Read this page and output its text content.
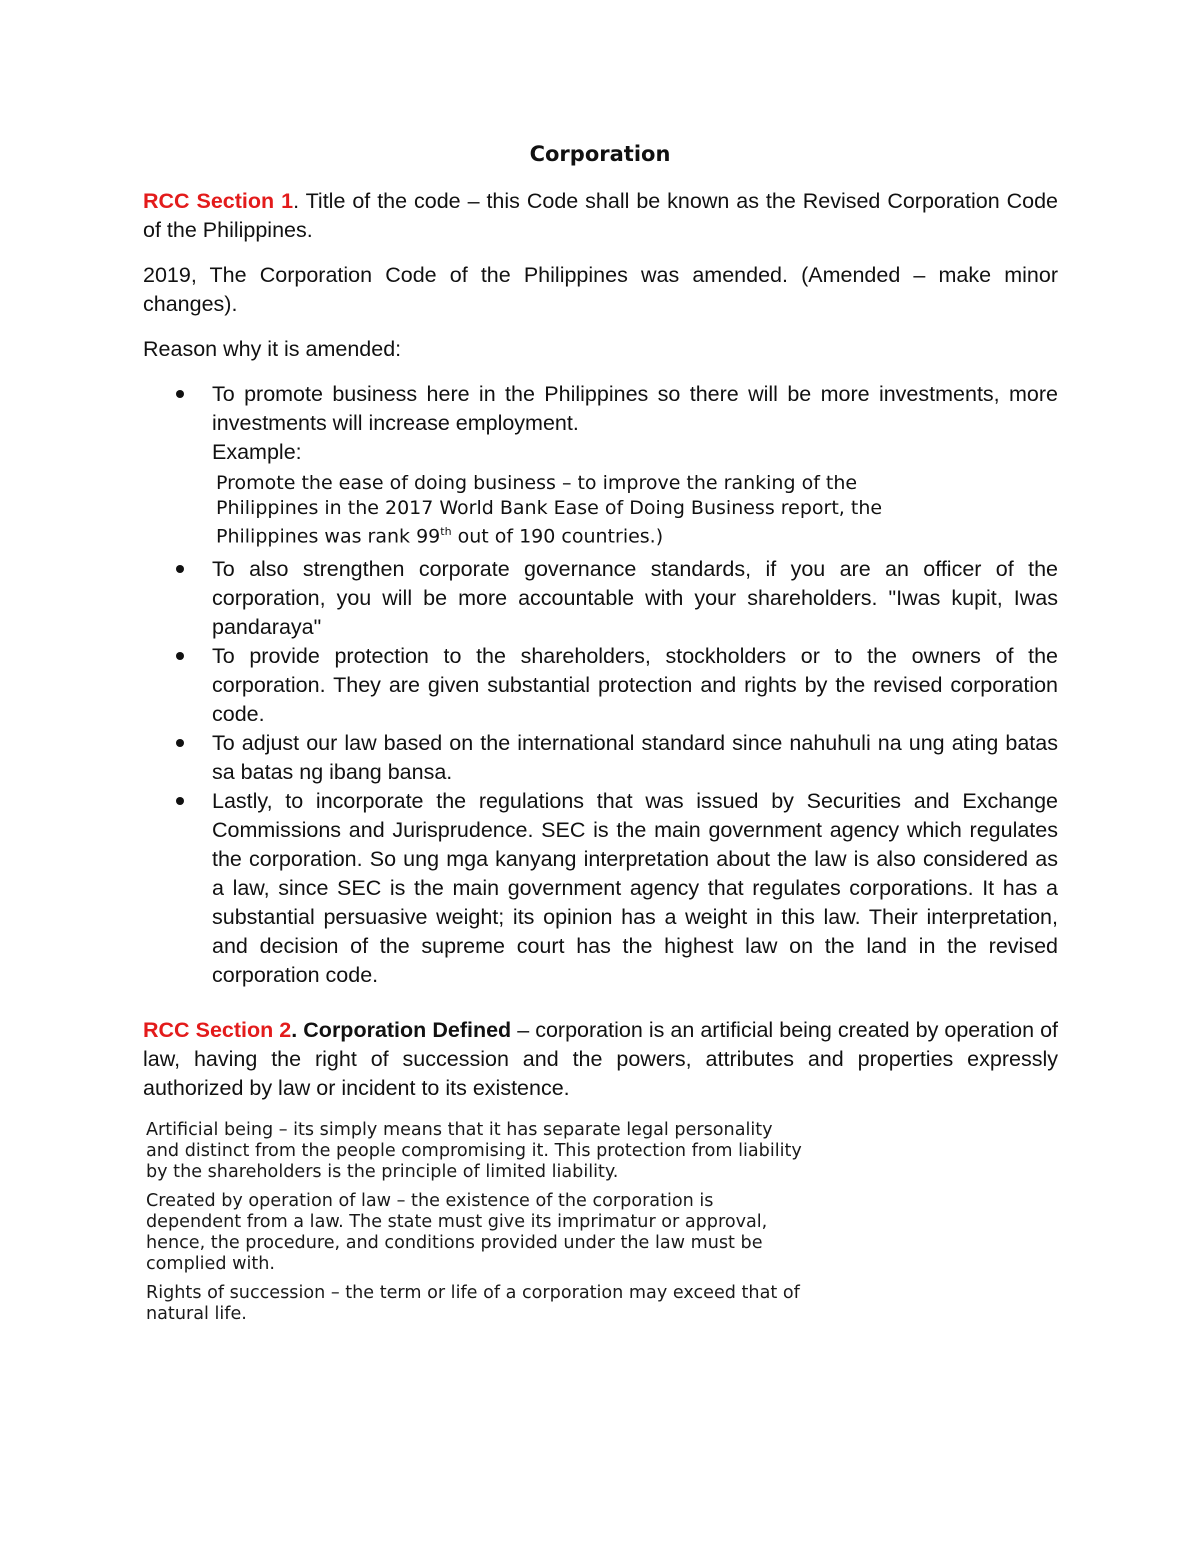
Corporation
RCC Section 1. Title of the code – this Code shall be known as the Revised Corporation Code of the Philippines.
2019, The Corporation Code of the Philippines was amended. (Amended – make minor changes).
Reason why it is amended:
To promote business here in the Philippines so there will be more investments, more investments will increase employment.
Example:
Promote the ease of doing business – to improve the ranking of the Philippines in the 2017 World Bank Ease of Doing Business report, the Philippines was rank 99th out of 190 countries.)
To also strengthen corporate governance standards, if you are an officer of the corporation, you will be more accountable with your shareholders. "Iwas kupit, Iwas pandaraya"
To provide protection to the shareholders, stockholders or to the owners of the corporation. They are given substantial protection and rights by the revised corporation code.
To adjust our law based on the international standard since nahuhuli na ung ating batas sa batas ng ibang bansa.
Lastly, to incorporate the regulations that was issued by Securities and Exchange Commissions and Jurisprudence. SEC is the main government agency which regulates the corporation. So ung mga kanyang interpretation about the law is also considered as a law, since SEC is the main government agency that regulates corporations. It has a substantial persuasive weight; its opinion has a weight in this law. Their interpretation, and decision of the supreme court has the highest law on the land in the revised corporation code.
RCC Section 2. Corporation Defined – corporation is an artificial being created by operation of law, having the right of succession and the powers, attributes and properties expressly authorized by law or incident to its existence.

Artificial being – its simply means that it has separate legal personality and distinct from the people compromising it. This protection from liability by the shareholders is the principle of limited liability.

Created by operation of law – the existence of the corporation is dependent from a law. The state must give its imprimatur or approval, hence, the procedure, and conditions provided under the law must be complied with.

Rights of succession – the term or life of a corporation may exceed that of natural life.
